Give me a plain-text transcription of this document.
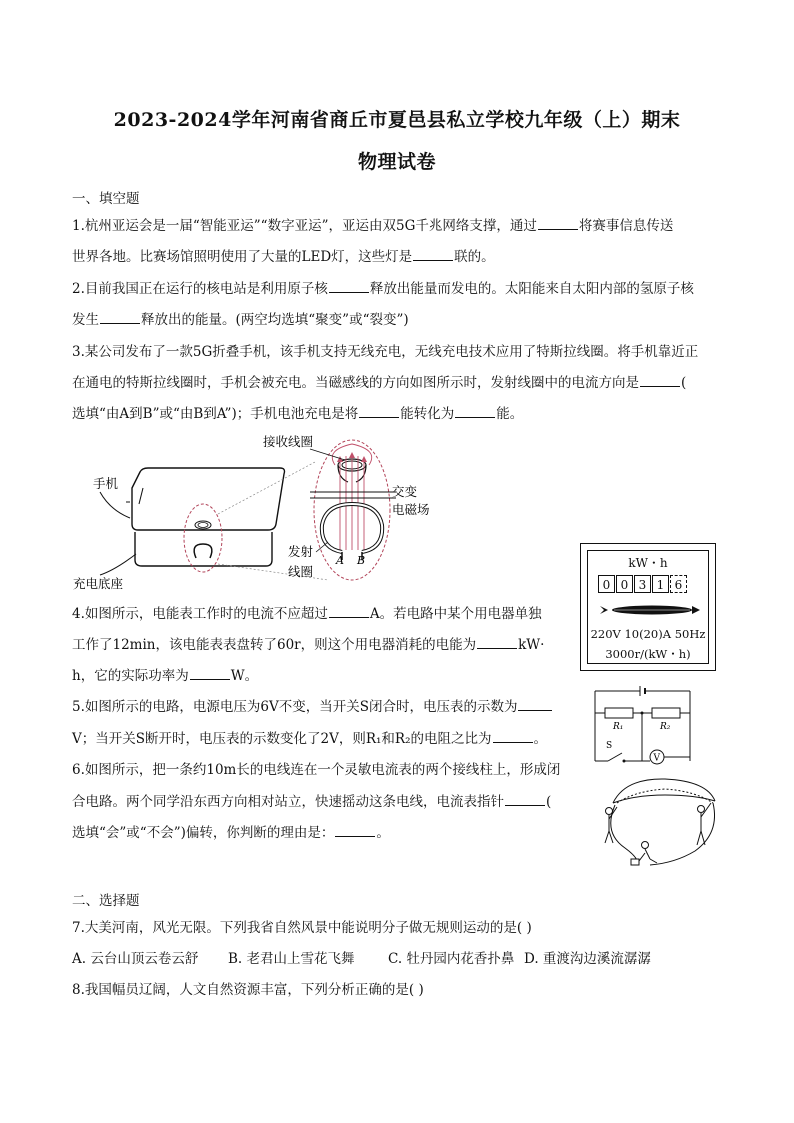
2023-2024学年河南省商丘市夏邑县私立学校九年级（上）期末
物理试卷
一、填空题
1.杭州亚运会是一届“智能亚运”“数字亚运”，亚运由双5G千兆网络支撑，通过	将赛事信息传送
世界各地。比赛场馆照明使用了大量的LED灯，这些灯是	联的。
2.目前我国正在运行的核电站是利用原子核	释放出能量而发电的。太阳能来自太阳内部的氢原子核
发生	释放出的能量。(两空均选填“聚变”或“裂变”)
3.某公司发布了一款5G折叠手机，该手机支持无线充电，无线充电技术应用了特斯拉线圈。将手机靠近正
在通电的特斯拉线圈时，手机会被充电。当磁感线的方向如图所示时，发射线圈中的电流方向是	(
选填“由A到B”或“由B到A”)；手机电池充电是将	能转化为	能。
手机
充电底座
A B
接收线圈
交变
电磁场
发射
线圈
4.如图所示，电能表工作时的电流不应超过	A。若电路中某个用电器单独
工作了12min，该电能表表盘转了60r，则这个用电器消耗的电能为	kW·
h，它的实际功率为	W。
kW・h
0 0 3 1 6
220V 10(20)A 50Hz
3000r/(kW・h)
5.如图所示的电路，电源电压为6V不变，当开关S闭合时，电压表的示数为
V；当开关S断开时，电压表的示数变化了2V，则R₁和R₂的电阻之比为	。
R₁	R₂
S
V
6.如图所示，把一条约10m长的电线连在一个灵敏电流表的两个接线柱上，形成闭
合电路。两个同学沿东西方向相对站立，快速摇动这条电线，电流表指针	(
选填“会”或“不会”)偏转，你判断的理由是：	。
二、选择题
7.大美河南，风光无限。下列我省自然风景中能说明分子做无规则运动的是( )
A. 云台山顶云卷云舒 B. 老君山上雪花飞舞 C. 牡丹园内花香扑鼻 D. 重渡沟边溪流潺潺
8.我国幅员辽阔，人文自然资源丰富，下列分析正确的是( )
